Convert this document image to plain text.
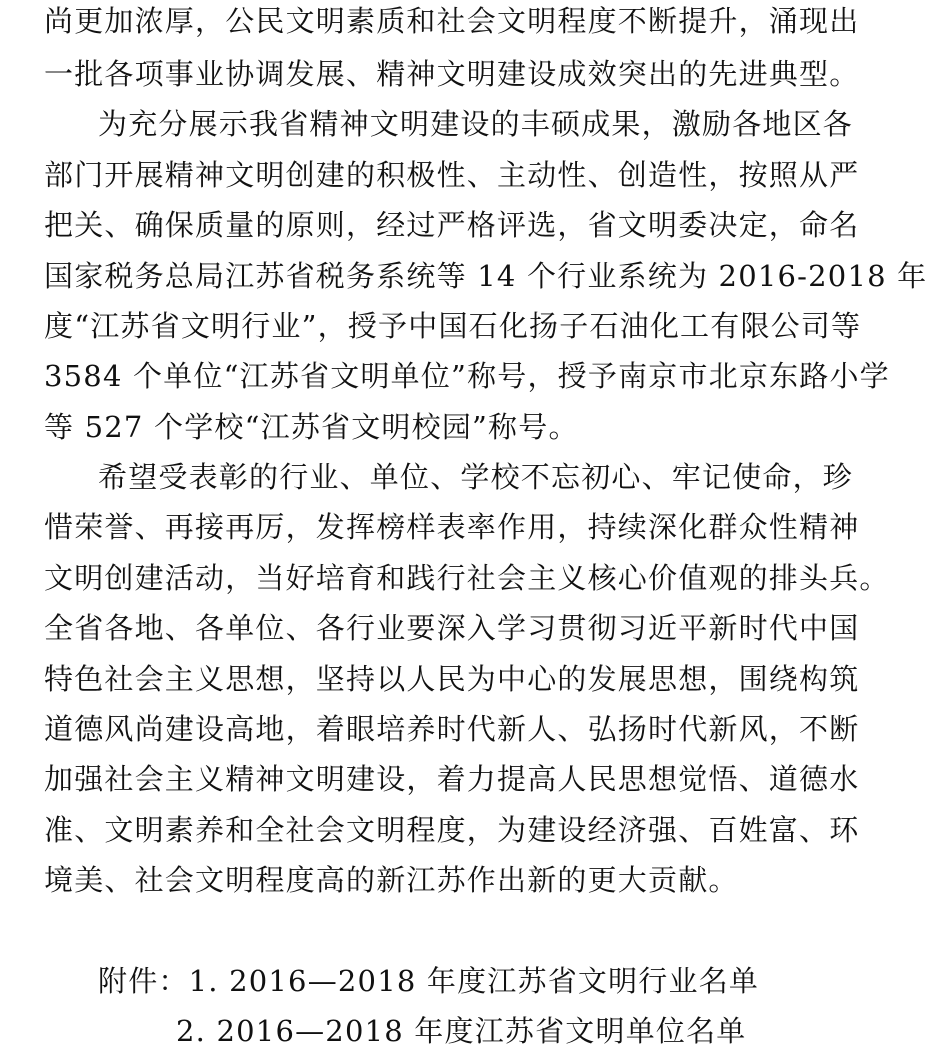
尚更加浓厚，公民文明素质和社会文明程度不断提升，涌现出
一批各项事业协调发展、精神文明建设成效突出的先进典型。
为充分展示我省精神文明建设的丰硕成果，激励各地区各
部门开展精神文明创建的积极性、主动性、创造性，按照从严
把关、确保质量的原则，经过严格评选，省文明委决定，命名
国家税务总局江苏省税务系统等 14 个行业系统为 2016-2018 年
度“江苏省文明行业”，授予中国石化扬子石油化工有限公司等
3584 个单位“江苏省文明单位”称号，授予南京市北京东路小学
等 527 个学校“江苏省文明校园”称号。
希望受表彰的行业、单位、学校不忘初心、牢记使命，珍
惜荣誉、再接再厉，发挥榜样表率作用，持续深化群众性精神
文明创建活动，当好培育和践行社会主义核心价值观的排头兵。
全省各地、各单位、各行业要深入学习贯彻习近平新时代中国
特色社会主义思想，坚持以人民为中心的发展思想，围绕构筑
道德风尚建设高地，着眼培养时代新人、弘扬时代新风，不断
加强社会主义精神文明建设，着力提高人民思想觉悟、道德水
准、文明素养和全社会文明程度，为建设经济强、百姓富、环
境美、社会文明程度高的新江苏作出新的更大贡献。
附件：1. 2016—2018 年度江苏省文明行业名单
2. 2016—2018 年度江苏省文明单位名单
